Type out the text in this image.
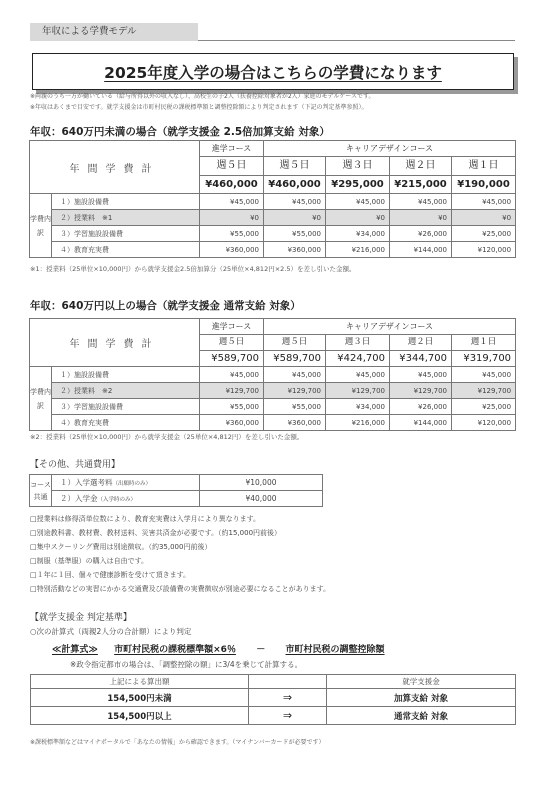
年収による学費モデル
2025年度入学の場合はこちらの学費になります
※両親のうち一方が働いている（給与所得以外の収入なし）、高校生の子2人（扶養控除対象者が2人）家庭のモデルケースです。
※年収はあくまで目安です。就学支援金は市町村民税の課税標準額と調整控除額により判定されます（下記の判定基準参照）。
年収：640万円未満の場合（就学支援金 2.5倍加算支給 対象）
年間学費計		進学コース	キャリアデザインコース			
		週５日	週５日	週３日	週２日	週１日
		¥460,000	¥460,000	¥295,000	¥215,000	¥190,000
学費内訳	１）施設設備費	¥45,000	¥45,000	¥45,000	¥45,000	¥45,000
	２）授業料　※1	¥0	¥0	¥0	¥0	¥0
	３）学習施設設備費	¥55,000	¥55,000	¥34,000	¥26,000	¥25,000
	４）教育充実費	¥360,000	¥360,000	¥216,000	¥144,000	¥120,000
※1：授業料（25単位×10,000円）から就学支援金2.5倍加算分（25単位×4,812円×2.5）を差し引いた金額。
年収：640万円以上の場合（就学支援金 通常支給 対象）
年間学費計		進学コース	キャリアデザインコース			
		週５日	週５日	週３日	週２日	週１日
		¥589,700	¥589,700	¥424,700	¥344,700	¥319,700
学費内訳	１）施設設備費	¥45,000	¥45,000	¥45,000	¥45,000	¥45,000
	２）授業料　※2	¥129,700	¥129,700	¥129,700	¥129,700	¥129,700
	３）学習施設設備費	¥55,000	¥55,000	¥34,000	¥26,000	¥25,000
	４）教育充実費	¥360,000	¥360,000	¥216,000	¥144,000	¥120,000
※2：授業料（25単位×10,000円）から就学支援金（25単位×4,812円）を差し引いた金額。
【その他、共通費用】
コース共通	１）入学選考料（出願時のみ）	¥10,000
	２）入学金（入学時のみ）	¥40,000
□授業料は修得済単位数により、教育充実費は入学月により異なります。
□別途教科書、教材費、教材送料、災害共済金が必要です。（約15,000円前後）
□集中スクーリング費用は別途徴収。（約35,000円前後）
□制服（基準服）の購入は自由です。
□１年に１回、個々で健康診断を受けて頂きます。
□特別活動などの実習にかかる交通費及び設備費の実費徴収が別途必要になることがあります。
【就学支援金 判定基準】
○次の計算式（両親2人分の合計額）により判定
≪計算式≫ 市町村民税の課税標準額×6％ － 市町村民税の調整控除額
※政令指定都市の場合は、「調整控除の額」に3/4を乗じて計算する。
上記による算出額		就学支援金
154,500円未満	⇒	加算支給 対象
154,500円以上	⇒	通常支給 対象
※課税標準額などはマイナポータルで「あなたの情報」から確認できます。（マイナンバーカードが必要です）
